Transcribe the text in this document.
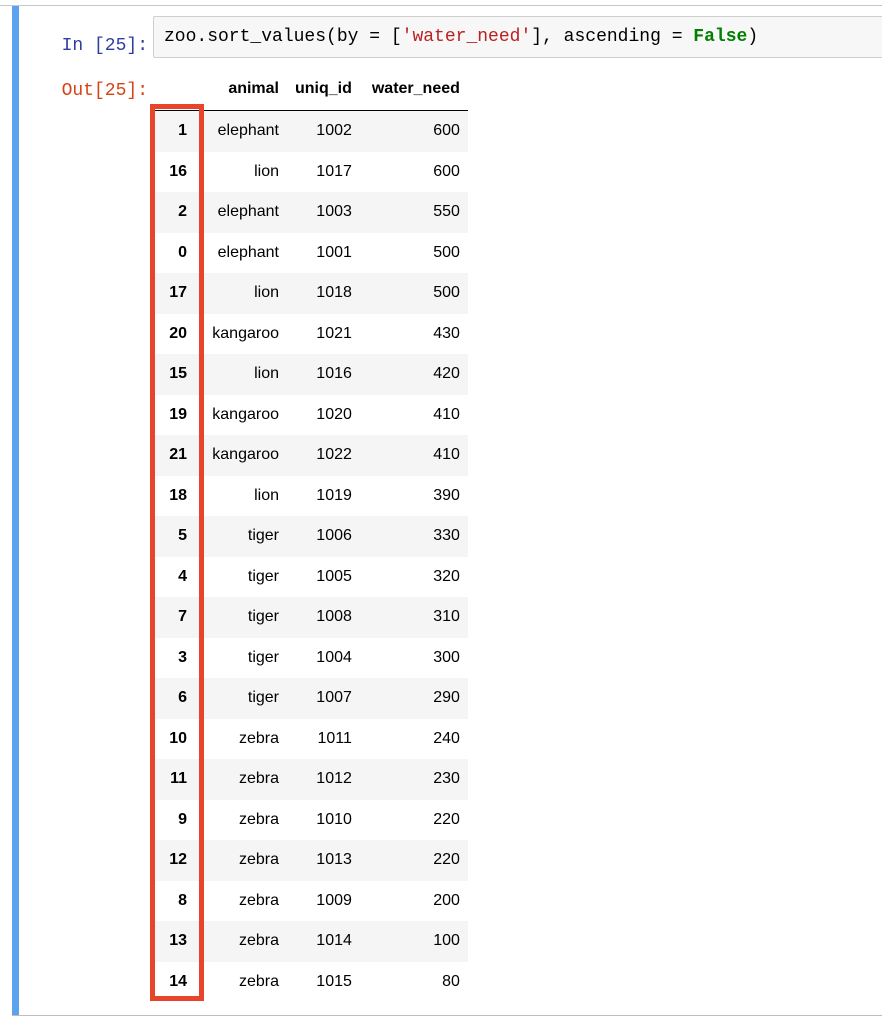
In [25]: zoo.sort_values(by = ['water_need'], ascending = False)
Out[25]:
		animal	uniq_id	water_need
1	elephant	1002	600
16	lion	1017	600
2	elephant	1003	550
0	elephant	1001	500
17	lion	1018	500
20	kangaroo	1021	430
15	lion	1016	420
19	kangaroo	1020	410
21	kangaroo	1022	410
18	lion	1019	390
5	tiger	1006	330
4	tiger	1005	320
7	tiger	1008	310
3	tiger	1004	300
6	tiger	1007	290
10	zebra	1011	240
11	zebra	1012	230
9	zebra	1010	220
12	zebra	1013	220
8	zebra	1009	200
13	zebra	1014	100
14	zebra	1015	80
